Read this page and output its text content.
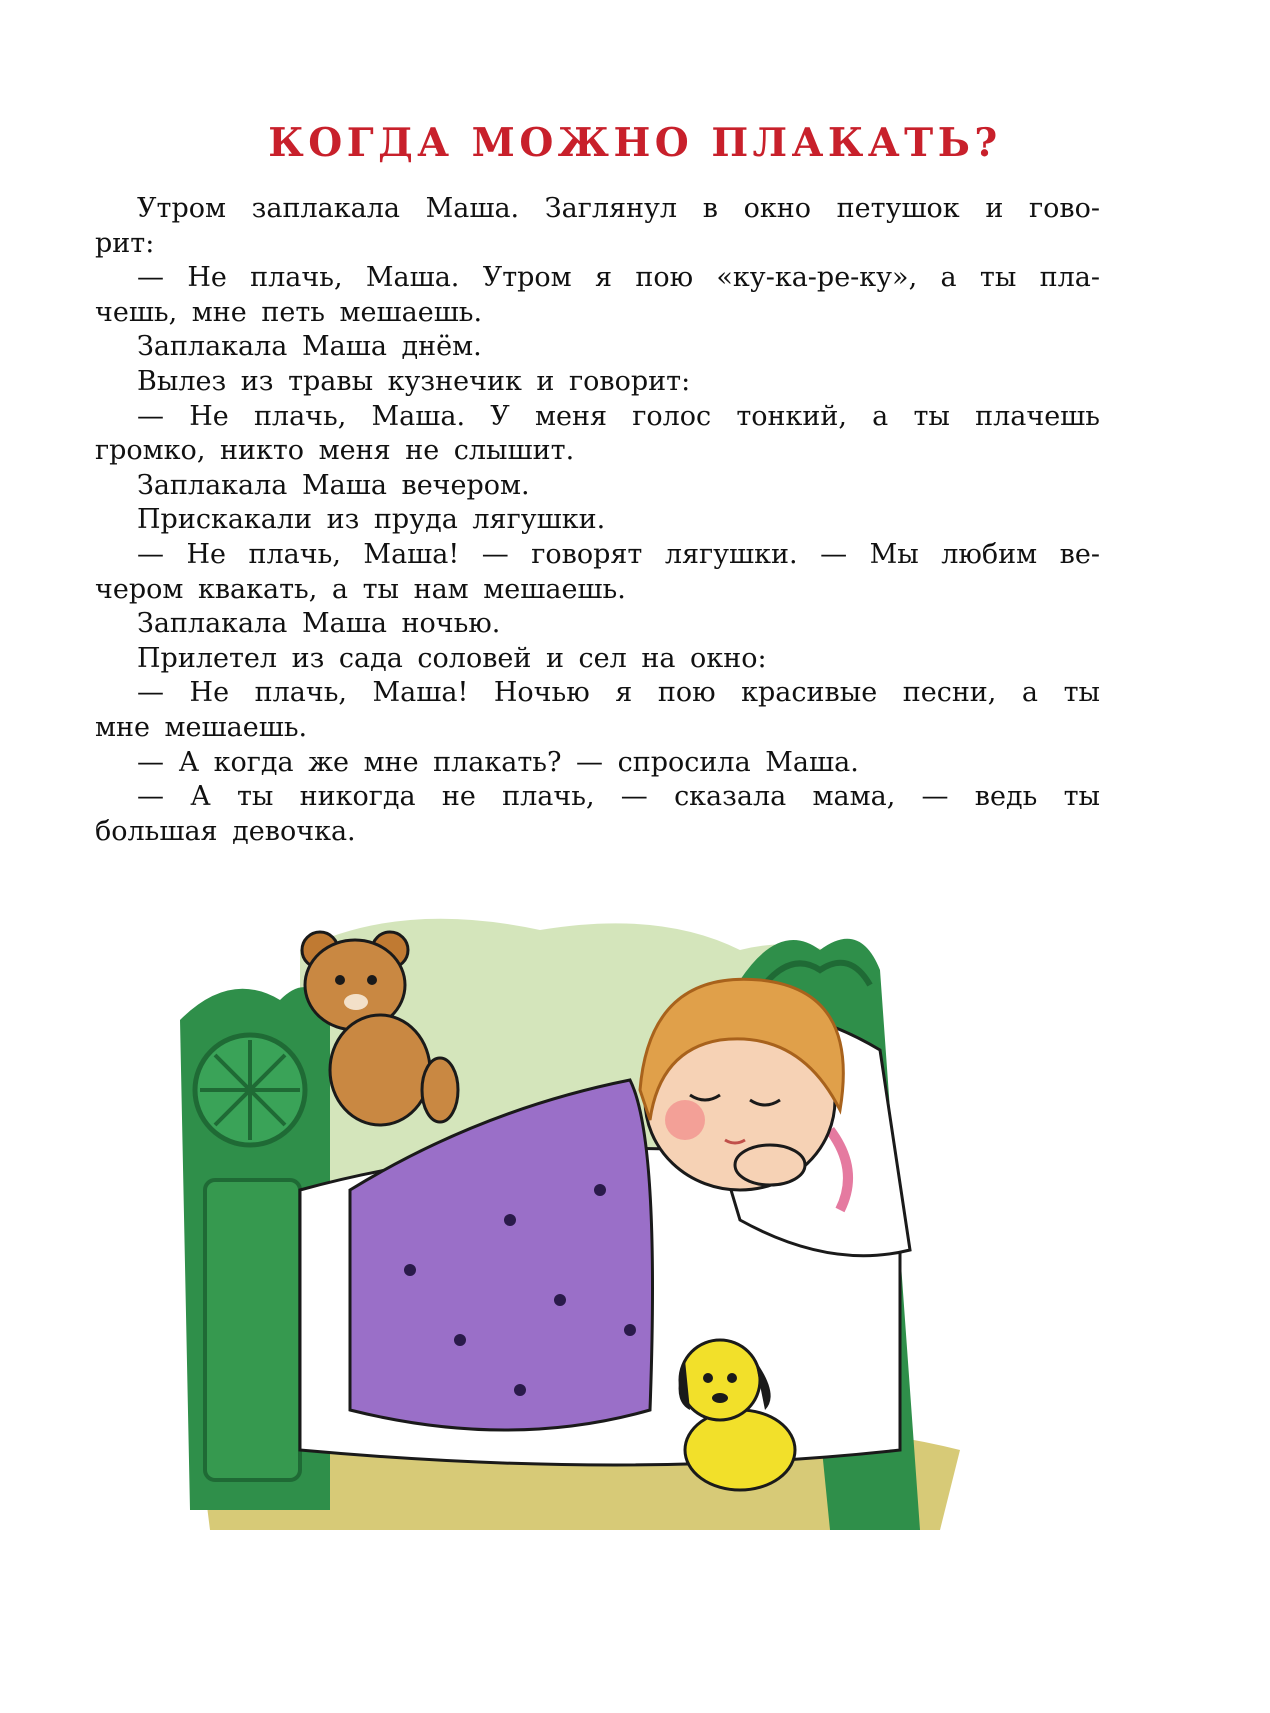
КОГДА МОЖНО ПЛАКАТЬ?

Утром заплакала Маша. Заглянул в окно петушок и гово-

рит:

— Не плачь, Маша. Утром я пою «ку-ка-ре-ку», а ты пла-

чешь, мне петь мешаешь.

Заплакала Маша днём.

Вылез из травы кузнечик и говорит:

— Не плачь, Маша. У меня голос тонкий, а ты плачешь

громко, никто меня не слышит.

Заплакала Маша вечером.

Прискакали из пруда лягушки.

— Не плачь, Маша! — говорят лягушки. — Мы любим ве-

чером квакать, а ты нам мешаешь.

Заплакала Маша ночью.

Прилетел из сада соловей и сел на окно:

— Не плачь, Маша! Ночью я пою красивые песни, а ты

мне мешаешь.

— А когда же мне плакать? — спросила Маша.

— А ты никогда не плачь, — сказала мама, — ведь ты

большая девочка.
